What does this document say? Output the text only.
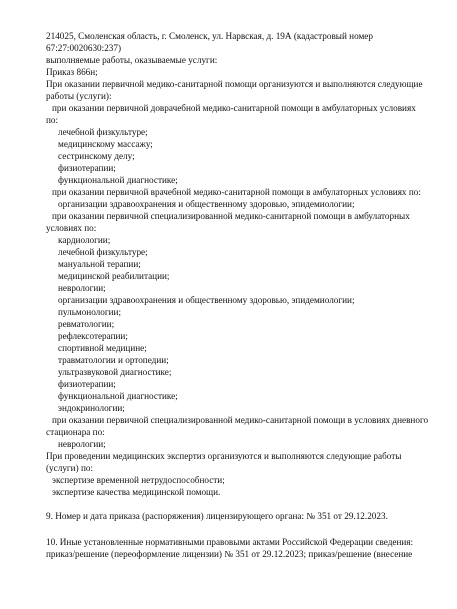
214025, Смоленская область, г. Смоленск, ул. Нарвская, д. 19А (кадастровый номер
67:27:0020630:237)
выполняемые работы, оказываемые услуги:
Приказ 866н;
При оказании первичной медико-санитарной помощи организуются и выполняются следующие
работы (услуги):
при оказании первичной доврачебной медико-санитарной помощи в амбулаторных условиях
по:
лечебной физкультуре;
медицинскому массажу;
сестринскому делу;
физиотерапии;
функциональной диагностике;
при оказании первичной врачебной медико-санитарной помощи в амбулаторных условиях по:
организации здравоохранения и общественному здоровью, эпидемиологии;
при оказании первичной специализированной медико-санитарной помощи в амбулаторных
условиях по:
кардиологии;
лечебной физкультуре;
мануальной терапии;
медицинской реабилитации;
неврологии;
организации здравоохранения и общественному здоровью, эпидемиологии;
пульмонологии;
ревматологии;
рефлексотерапии;
спортивной медицине;
травматологии и ортопедии;
ультразвуковой диагностике;
физиотерапии;
функциональной диагностике;
эндокринологии;
при оказании первичной специализированной медико-санитарной помощи в условиях дневного
стационара по:
неврологии;
При проведении медицинских экспертиз организуются и выполняются следующие работы
(услуги) по:
экспертизе временной нетрудоспособности;
экспертизе качества медицинской помощи.
9. Номер и дата приказа (распоряжения) лицензирующего органа: № 351 от 29.12.2023.
10. Иные установленные нормативными правовыми актами Российской Федерации сведения:
приказ/решение (переоформление лицензии) № 351 от 29.12.2023; приказ/решение (внесение
